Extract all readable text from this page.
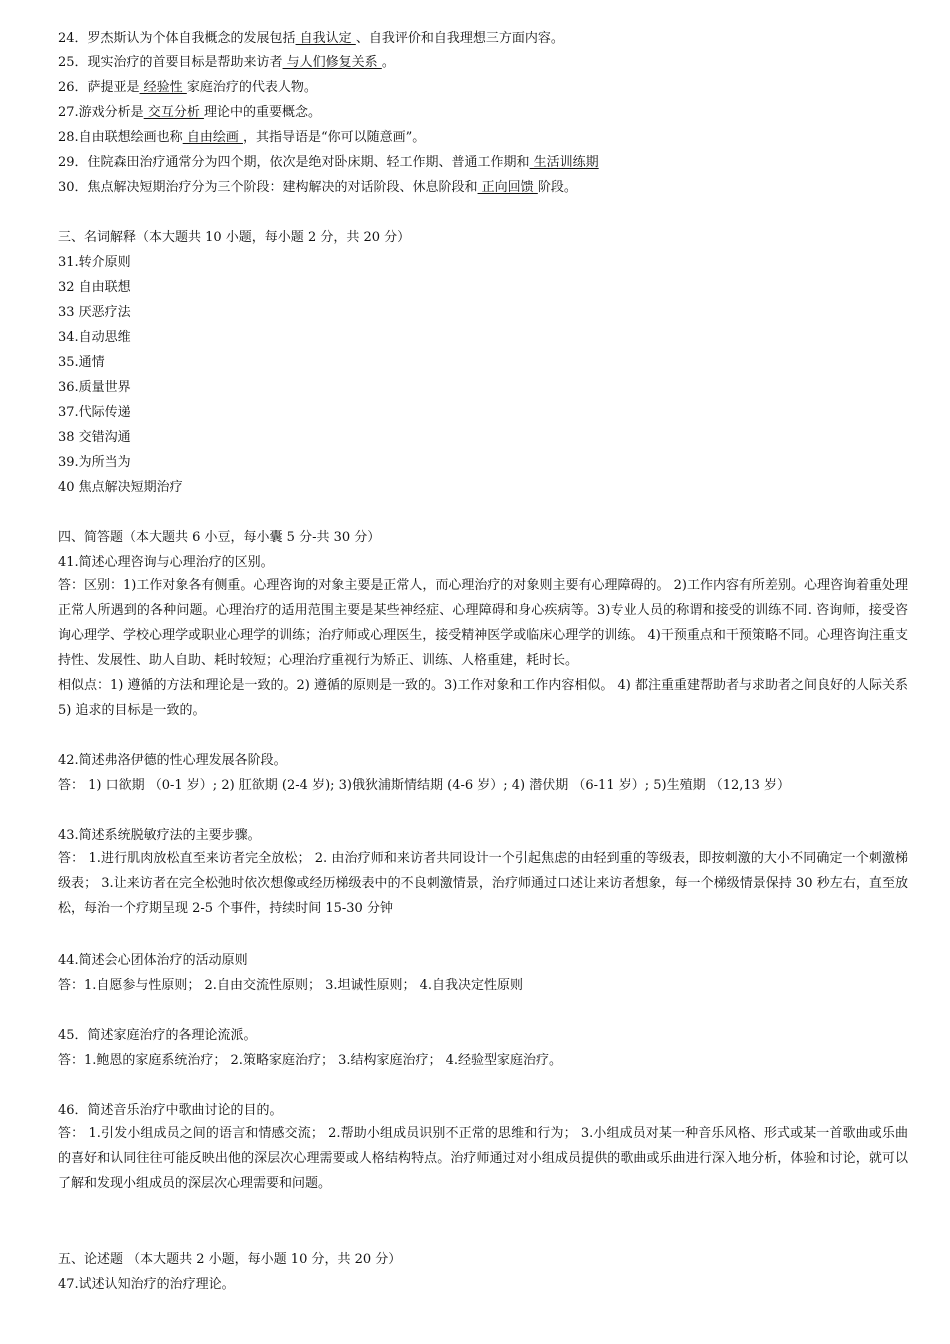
24．罗杰斯认为个体自我概念的发展包括 自我认定 、自我评价和自我理想三方面内容。
25．现实治疗的首要目标是帮助来访者 与人们修复关系 。
26．萨提亚是 经验性 家庭治疗的代表人物。
27.游戏分析是 交互分析 理论中的重要概念。
28.自由联想绘画也称 自由绘画 ，其指导语是“你可以随意画”。
29．住院森田治疗通常分为四个期，依次是绝对卧床期、轻工作期、普通工作期和 生活训练期
30．焦点解决短期治疗分为三个阶段：建构解决的对话阶段、休息阶段和 正向回馈 阶段。
三、名词解释（本大题共 10 小题，每小题 2 分，共 20 分）
31.转介原则
32 自由联想
33 厌恶疗法
34.自动思维
35.通情
36.质量世界
37.代际传递
38 交错沟通
39.为所当为
40 焦点解决短期治疗
四、简答题（本大题共 6 小豆，每小囊 5 分-共 30 分）
41.简述心理咨询与心理治疗的区别。
答：区别：1)工作对象各有侧重。心理咨询的对象主要是正常人，而心理治疗的对象则主要有心理障碍的。 2)工作内容有所差别。心理咨询着重处理正常人所遇到的各种问题。心理治疗的适用范围主要是某些神经症、心理障碍和身心疾病等。3)专业人员的称谓和接受的训练不同. 咨询师，接受咨询心理学、学校心理学或职业心理学的训练；治疗师或心理医生，接受精神医学或临床心理学的训练。 4)干预重点和干预策略不同。心理咨询注重支持性、发展性、助人自助、耗时较短；心理治疗重视行为矫正、训练、人格重建，耗时长。
相似点：1) 遵循的方法和理论是一致的。2) 遵循的原则是一致的。3)工作对象和工作内容相似。 4) 都注重重建帮助者与求助者之间良好的人际关系 5) 追求的目标是一致的。
42.简述弗洛伊德的性心理发展各阶段。
答： 1) 口欲期 （0-1 岁）; 2) 肛欲期 (2-4 岁); 3)俄狄浦斯情结期 (4-6 岁）; 4) 潜伏期 （6-11 岁）; 5)生殖期 （12,13 岁）
43.简述系统脱敏疗法的主要步骤。
答： 1.进行肌肉放松直至来访者完全放松； 2. 由治疗师和来访者共同设计一个引起焦虑的由轻到重的等级表，即按刺激的大小不同确定一个刺激梯级表； 3.让来访者在完全松弛时依次想像或经历梯级表中的不良刺激情景，治疗师通过口述让来访者想象，每一个梯级情景保持 30 秒左右，直至放松，每治一个疗期呈现 2-5 个事件，持续时间 15-30 分钟
44.简述会心团体治疗的活动原则
答：1.自愿参与性原则； 2.自由交流性原则； 3.坦诚性原则； 4.自我决定性原则
45．简述家庭治疗的各理论流派。
答：1.鲍恩的家庭系统治疗； 2.策略家庭治疗； 3.结构家庭治疗； 4.经验型家庭治疗。
46．简述音乐治疗中歌曲讨论的目的。
答： 1.引发小组成员之间的语言和情感交流； 2.帮助小组成员识别不正常的思维和行为； 3.小组成员对某一种音乐风格、形式或某一首歌曲或乐曲的喜好和认同往往可能反映出他的深层次心理需要或人格结构特点。治疗师通过对小组成员提供的歌曲或乐曲进行深入地分析，体验和讨论，就可以了解和发现小组成员的深层次心理需要和问题。
五、论述题 （本大题共 2 小题，每小题 10 分，共 20 分）
47.试述认知治疗的治疗理论。
